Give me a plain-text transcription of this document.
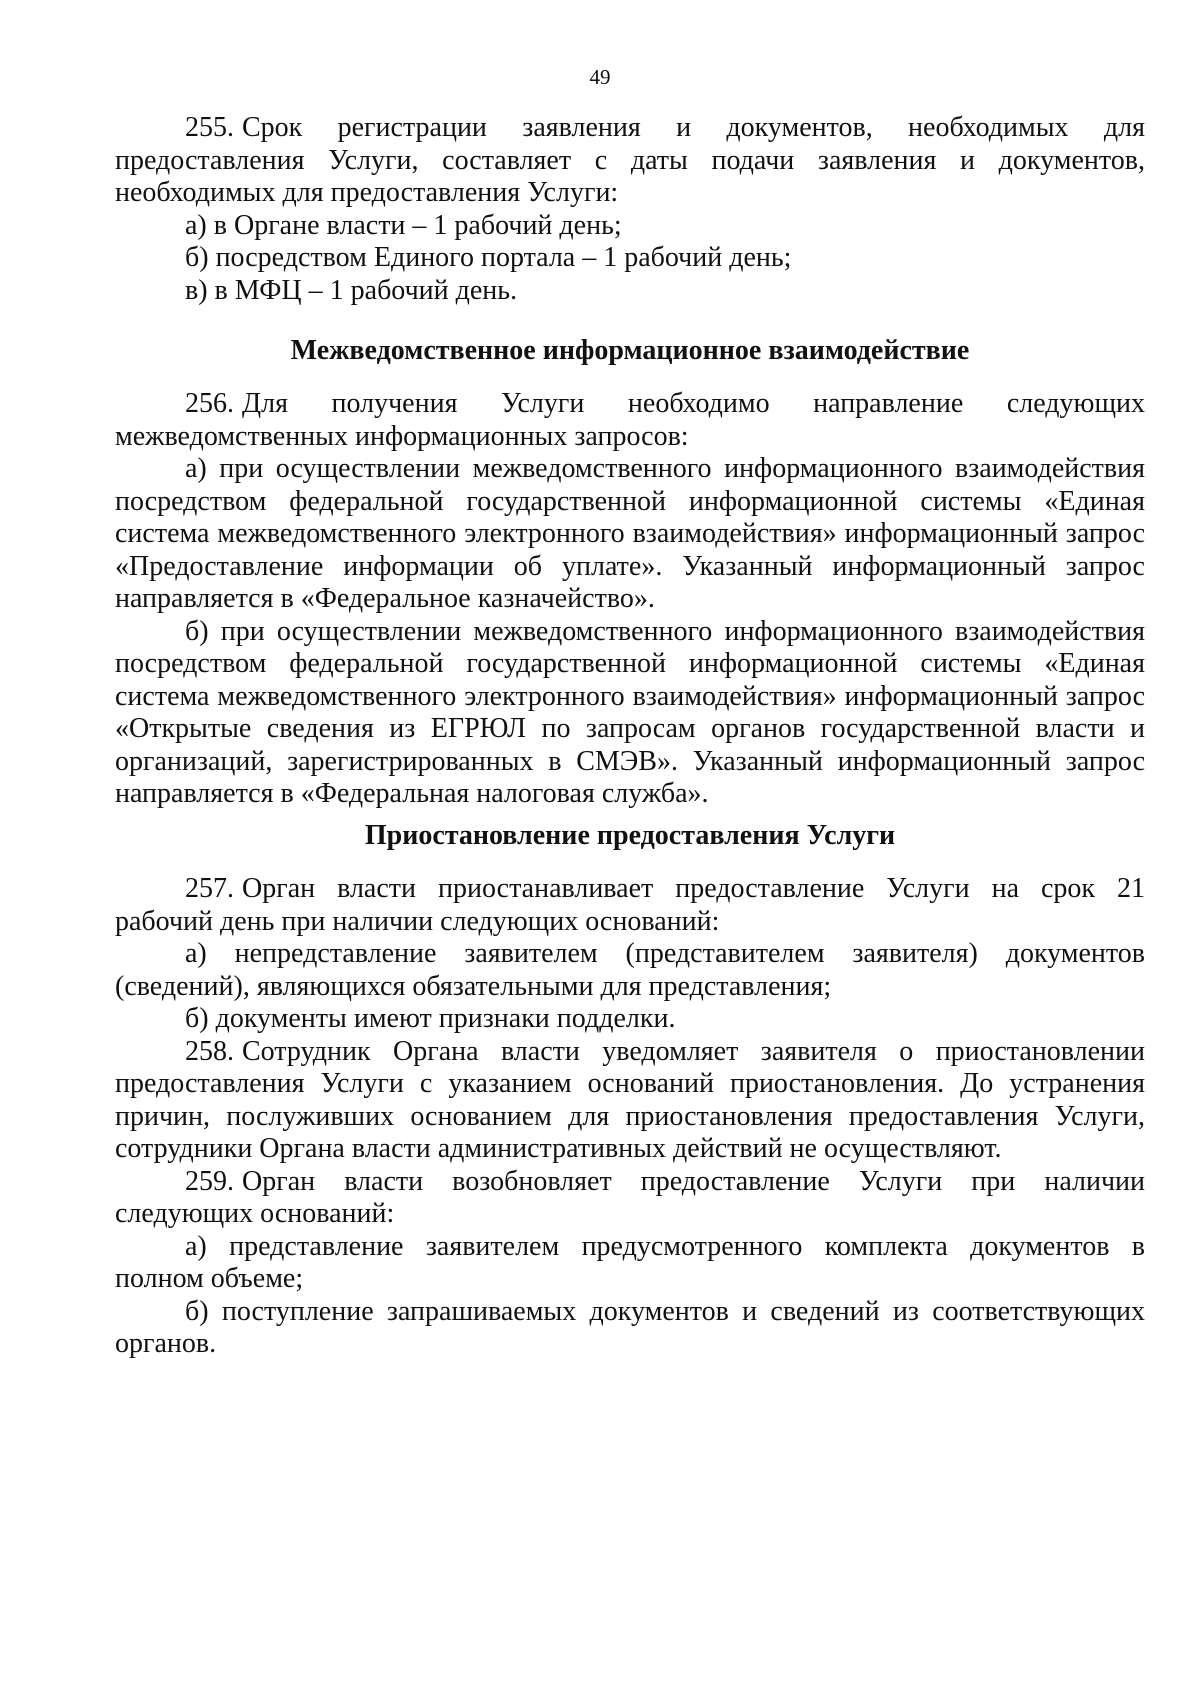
49

255. Срок регистрации заявления и документов, необходимых для предоставления Услуги, составляет с даты подачи заявления и документов, необходимых для предоставления Услуги:

а) в Органе власти – 1 рабочий день;

б) посредством Единого портала – 1 рабочий день;

в) в МФЦ – 1 рабочий день.

Межведомственное информационное взаимодействие

256. Для получения Услуги необходимо направление следующих межведомственных информационных запросов:

а) при осуществлении межведомственного информационного взаимодействия посредством федеральной государственной информационной системы «Единая система межведомственного электронного взаимодействия» информационный запрос «Предоставление информации об уплате». Указанный информационный запрос направляется в «Федеральное казначейство».

б) при осуществлении межведомственного информационного взаимодействия посредством федеральной государственной информационной системы «Единая система межведомственного электронного взаимодействия» информационный запрос «Открытые сведения из ЕГРЮЛ по запросам органов государственной власти и организаций, зарегистрированных в СМЭВ». Указанный информационный запрос направляется в «Федеральная налоговая служба».

Приостановление предоставления Услуги

257. Орган власти приостанавливает предоставление Услуги на срок 21 рабочий день при наличии следующих оснований:

а) непредставление заявителем (представителем заявителя) документов (сведений), являющихся обязательными для представления;

б) документы имеют признаки подделки.

258. Сотрудник Органа власти уведомляет заявителя о приостановлении предоставления Услуги с указанием оснований приостановления. До устранения причин, послуживших основанием для приостановления предоставления Услуги, сотрудники Органа власти административных действий не осуществляют.

259. Орган власти возобновляет предоставление Услуги при наличии следующих оснований:

а) представление заявителем предусмотренного комплекта документов в полном объеме;

б) поступление запрашиваемых документов и сведений из соответствующих органов.
